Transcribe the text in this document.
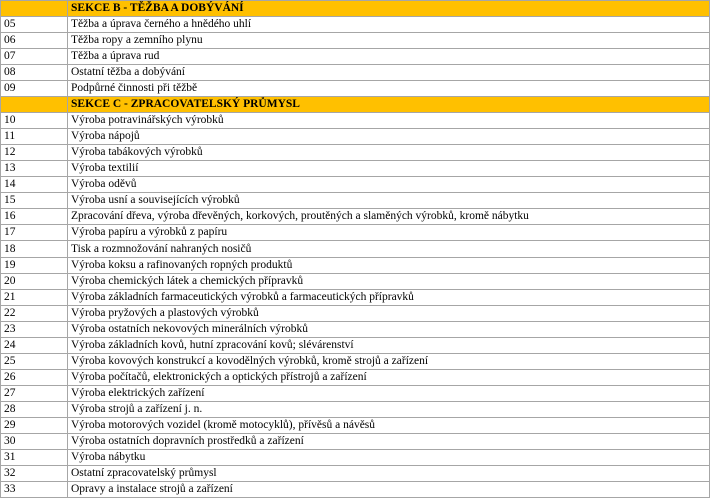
	SEKCE B - TĚŽBA A DOBÝVÁNÍ
05	Těžba a úprava černého a hnědého uhlí
06	Těžba ropy a zemního plynu
07	Těžba a úprava rud
08	Ostatní těžba a dobývání
09	Podpůrné činnosti při těžbě
	SEKCE C - ZPRACOVATELSKÝ PRŮMYSL
10	Výroba potravinářských výrobků
11	Výroba nápojů
12	Výroba tabákových výrobků
13	Výroba textilií
14	Výroba oděvů
15	Výroba usní a souvisejících výrobků
16	Zpracování dřeva, výroba dřevěných, korkových, proutěných a slaměných výrobků, kromě nábytku
17	Výroba papíru a výrobků z papíru
18	Tisk a rozmnožování nahraných nosičů
19	Výroba koksu a rafinovaných ropných produktů
20	Výroba chemických látek a chemických přípravků
21	Výroba základních farmaceutických výrobků a farmaceutických přípravků
22	Výroba pryžových a plastových výrobků
23	Výroba ostatních nekovových minerálních výrobků
24	Výroba základních kovů, hutní zpracování kovů; slévárenství
25	Výroba kovových konstrukcí a kovodělných výrobků, kromě strojů a zařízení
26	Výroba počítačů, elektronických a optických přístrojů a zařízení
27	Výroba elektrických zařízení
28	Výroba strojů a zařízení j. n.
29	Výroba motorových vozidel (kromě motocyklů), přívěsů a návěsů
30	Výroba ostatních dopravních prostředků a zařízení
31	Výroba nábytku
32	Ostatní zpracovatelský průmysl
33	Opravy a instalace strojů a zařízení
